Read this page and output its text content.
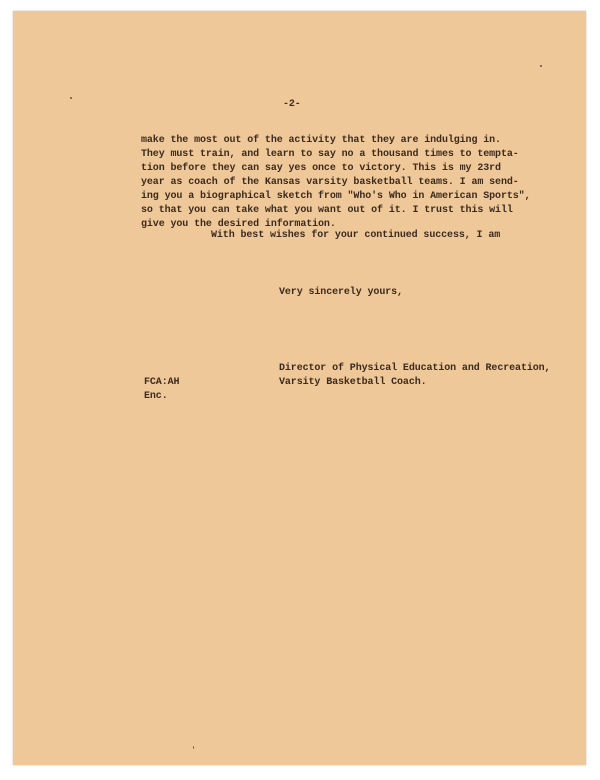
-2-
make the most out of the activity that they are indulging in.
They must train, and learn to say no a thousand times to tempta-
tion before they can say yes once to victory. This is my 23rd
year as coach of the Kansas varsity basketball teams. I am send-
ing you a biographical sketch from "Who's Who in American Sports",
so that you can take what you want out of it. I trust this will
give you the desired information.
With best wishes for your continued success, I am
Very sincerely yours,
Director of Physical Education and Recreation,
Varsity Basketball Coach.
FCA:AH
Enc.
